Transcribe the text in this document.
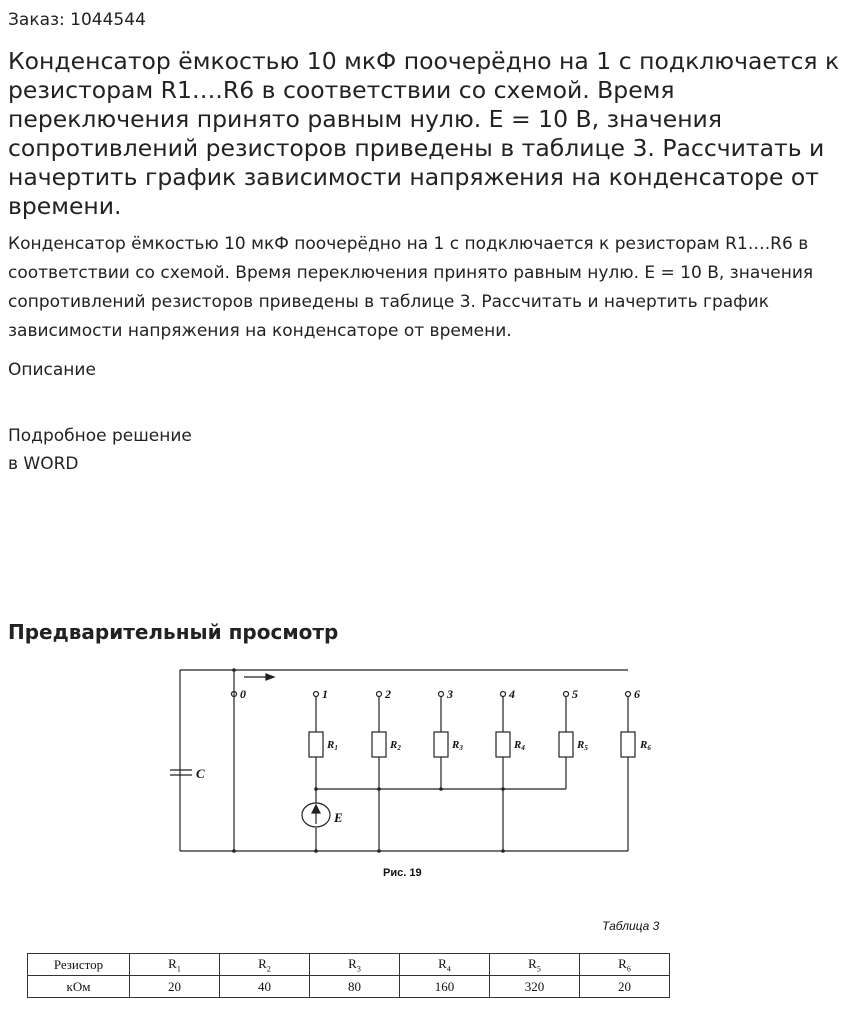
Заказ: 1044544
Конденсатор ёмкостью 10 мкФ поочерёдно на 1 с подключается к резисторам R1….R6 в соответствии со схемой. Время переключения принято равным нулю. E = 10 В, значения сопротивлений резисторов приведены в таблице 3. Рассчитать и начертить график зависимости напряжения на конденсаторе от времени.
Конденсатор ёмкостью 10 мкФ поочерёдно на 1 с подключается к резисторам R1….R6 в соответствии со схемой. Время переключения принято равным нулю. E = 10 В, значения сопротивлений резисторов приведены в таблице 3. Рассчитать и начертить график зависимости напряжения на конденсаторе от времени.
Описание
Подробное решение
в WORD
Предварительный просмотр
C
E
0	1	2	3	4	5	6
R1	R2	R3	R4	R5	R6
Рис. 19
Таблица 3
Резистор	$R_1$	$R_2$	$R_3$	$R_4$	$R_5$	$R_6$
кОм	20	40	80	160	320	20
